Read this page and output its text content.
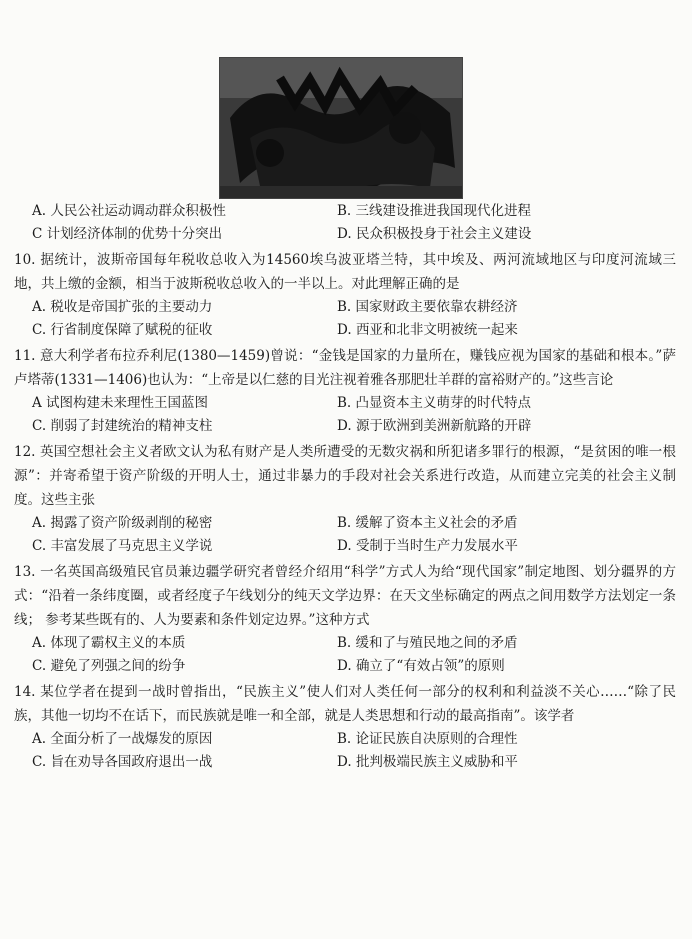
A. 人民公社运动调动群众积极性	B. 三线建设推进我国现代化进程
C 计划经济体制的优势十分突出	D. 民众积极投身于社会主义建设
10. 据统计，波斯帝国每年税收总收入为14560埃乌波亚塔兰特，其中埃及、两河流域地区与印度河流域三地，共上缴的金额，相当于波斯税收总收入的一半以上。对此理解正确的是
A. 税收是帝国扩张的主要动力	B. 国家财政主要依靠农耕经济
C. 行省制度保障了赋税的征收	D. 西亚和北非文明被统一起来
11. 意大利学者布拉乔利尼(1380—1459)曾说：“金钱是国家的力量所在，赚钱应视为国家的基础和根本。”萨卢塔蒂(1331—1406)也认为：“上帝是以仁慈的目光注视着雅各那肥壮羊群的富裕财产的。”这些言论
A 试图构建未来理性王国蓝图	B. 凸显资本主义萌芽的时代特点
C. 削弱了封建统治的精神支柱	D. 源于欧洲到美洲新航路的开辟
12. 英国空想社会主义者欧文认为私有财产是人类所遭受的无数灾祸和所犯诸多罪行的根源，“是贫困的唯一根源”：并寄希望于资产阶级的开明人士，通过非暴力的手段对社会关系进行改造，从而建立完美的社会主义制度。这些主张
A. 揭露了资产阶级剥削的秘密	B. 缓解了资本主义社会的矛盾
C. 丰富发展了马克思主义学说	D. 受制于当时生产力发展水平
13. 一名英国高级殖民官员兼边疆学研究者曾经介绍用“科学”方式人为给“现代国家”制定地图、划分疆界的方式：“沿着一条纬度圈，或者经度子午线划分的纯天文学边界：在天文坐标确定的两点之间用数学方法划定一条线； 参考某些既有的、人为要素和条件划定边界。”这种方式
A. 体现了霸权主义的本质	B. 缓和了与殖民地之间的矛盾
C. 避免了列强之间的纷争	D. 确立了“有效占领”的原则
14. 某位学者在提到一战时曾指出，“民族主义”使人们对人类任何一部分的权利和利益淡不关心……“除了民族，其他一切均不在话下，而民族就是唯一和全部，就是人类思想和行动的最高指南”。该学者
A. 全面分析了一战爆发的原因	B. 论证民族自决原则的合理性
C. 旨在劝导各国政府退出一战	D. 批判极端民族主义威胁和平
